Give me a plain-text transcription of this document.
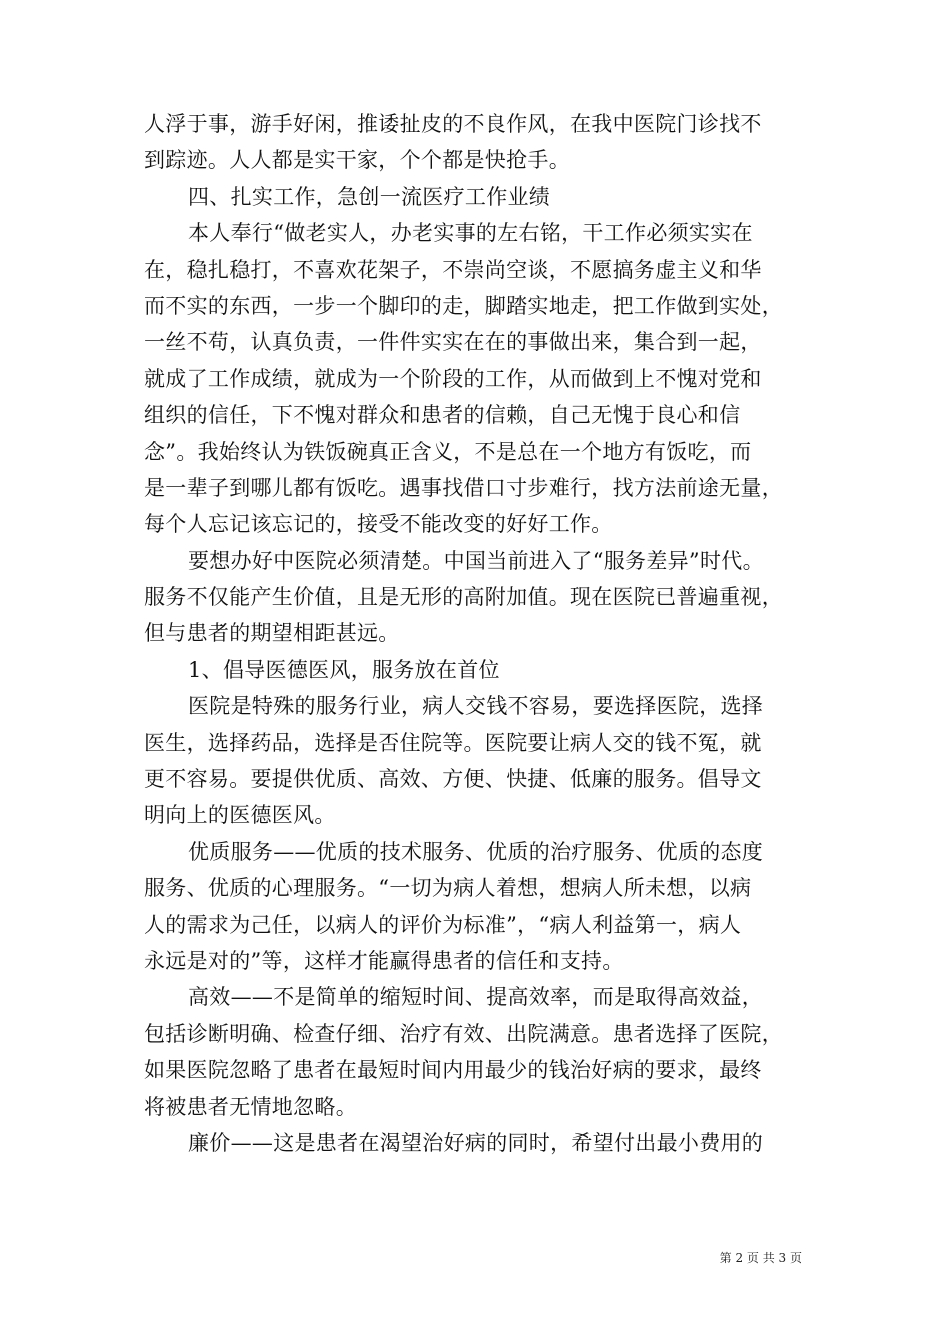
人浮于事，游手好闲，推诿扯皮的不良作风，在我中医院门诊找不
到踪迹。人人都是实干家，个个都是快抢手。
四、扎实工作，急创一流医疗工作业绩
本人奉行“做老实人，办老实事的左右铭，干工作必须实实在
在，稳扎稳打，不喜欢花架子，不崇尚空谈，不愿搞务虚主义和华
而不实的东西，一步一个脚印的走，脚踏实地走，把工作做到实处，
一丝不苟，认真负责，一件件实实在在的事做出来，集合到一起，
就成了工作成绩，就成为一个阶段的工作，从而做到上不愧对党和
组织的信任，下不愧对群众和患者的信赖，自己无愧于良心和信
念”。我始终认为铁饭碗真正含义，不是总在一个地方有饭吃，而
是一辈子到哪儿都有饭吃。遇事找借口寸步难行，找方法前途无量，
每个人忘记该忘记的，接受不能改变的好好工作。
要想办好中医院必须清楚。中国当前进入了“服务差异”时代。
服务不仅能产生价值，且是无形的高附加值。现在医院已普遍重视，
但与患者的期望相距甚远。
1、倡导医德医风，服务放在首位
医院是特殊的服务行业，病人交钱不容易，要选择医院，选择
医生，选择药品，选择是否住院等。医院要让病人交的钱不冤，就
更不容易。要提供优质、高效、方便、快捷、低廉的服务。倡导文
明向上的医德医风。
优质服务——优质的技术服务、优质的治疗服务、优质的态度
服务、优质的心理服务。“一切为病人着想，想病人所未想，以病
人的需求为己任，以病人的评价为标准”，“病人利益第一，病人
永远是对的”等，这样才能赢得患者的信任和支持。
高效——不是简单的缩短时间、提高效率，而是取得高效益，
包括诊断明确、检查仔细、治疗有效、出院满意。患者选择了医院，
如果医院忽略了患者在最短时间内用最少的钱治好病的要求，最终
将被患者无情地忽略。
廉价——这是患者在渴望治好病的同时，希望付出最小费用的
第 2 页 共 3 页
